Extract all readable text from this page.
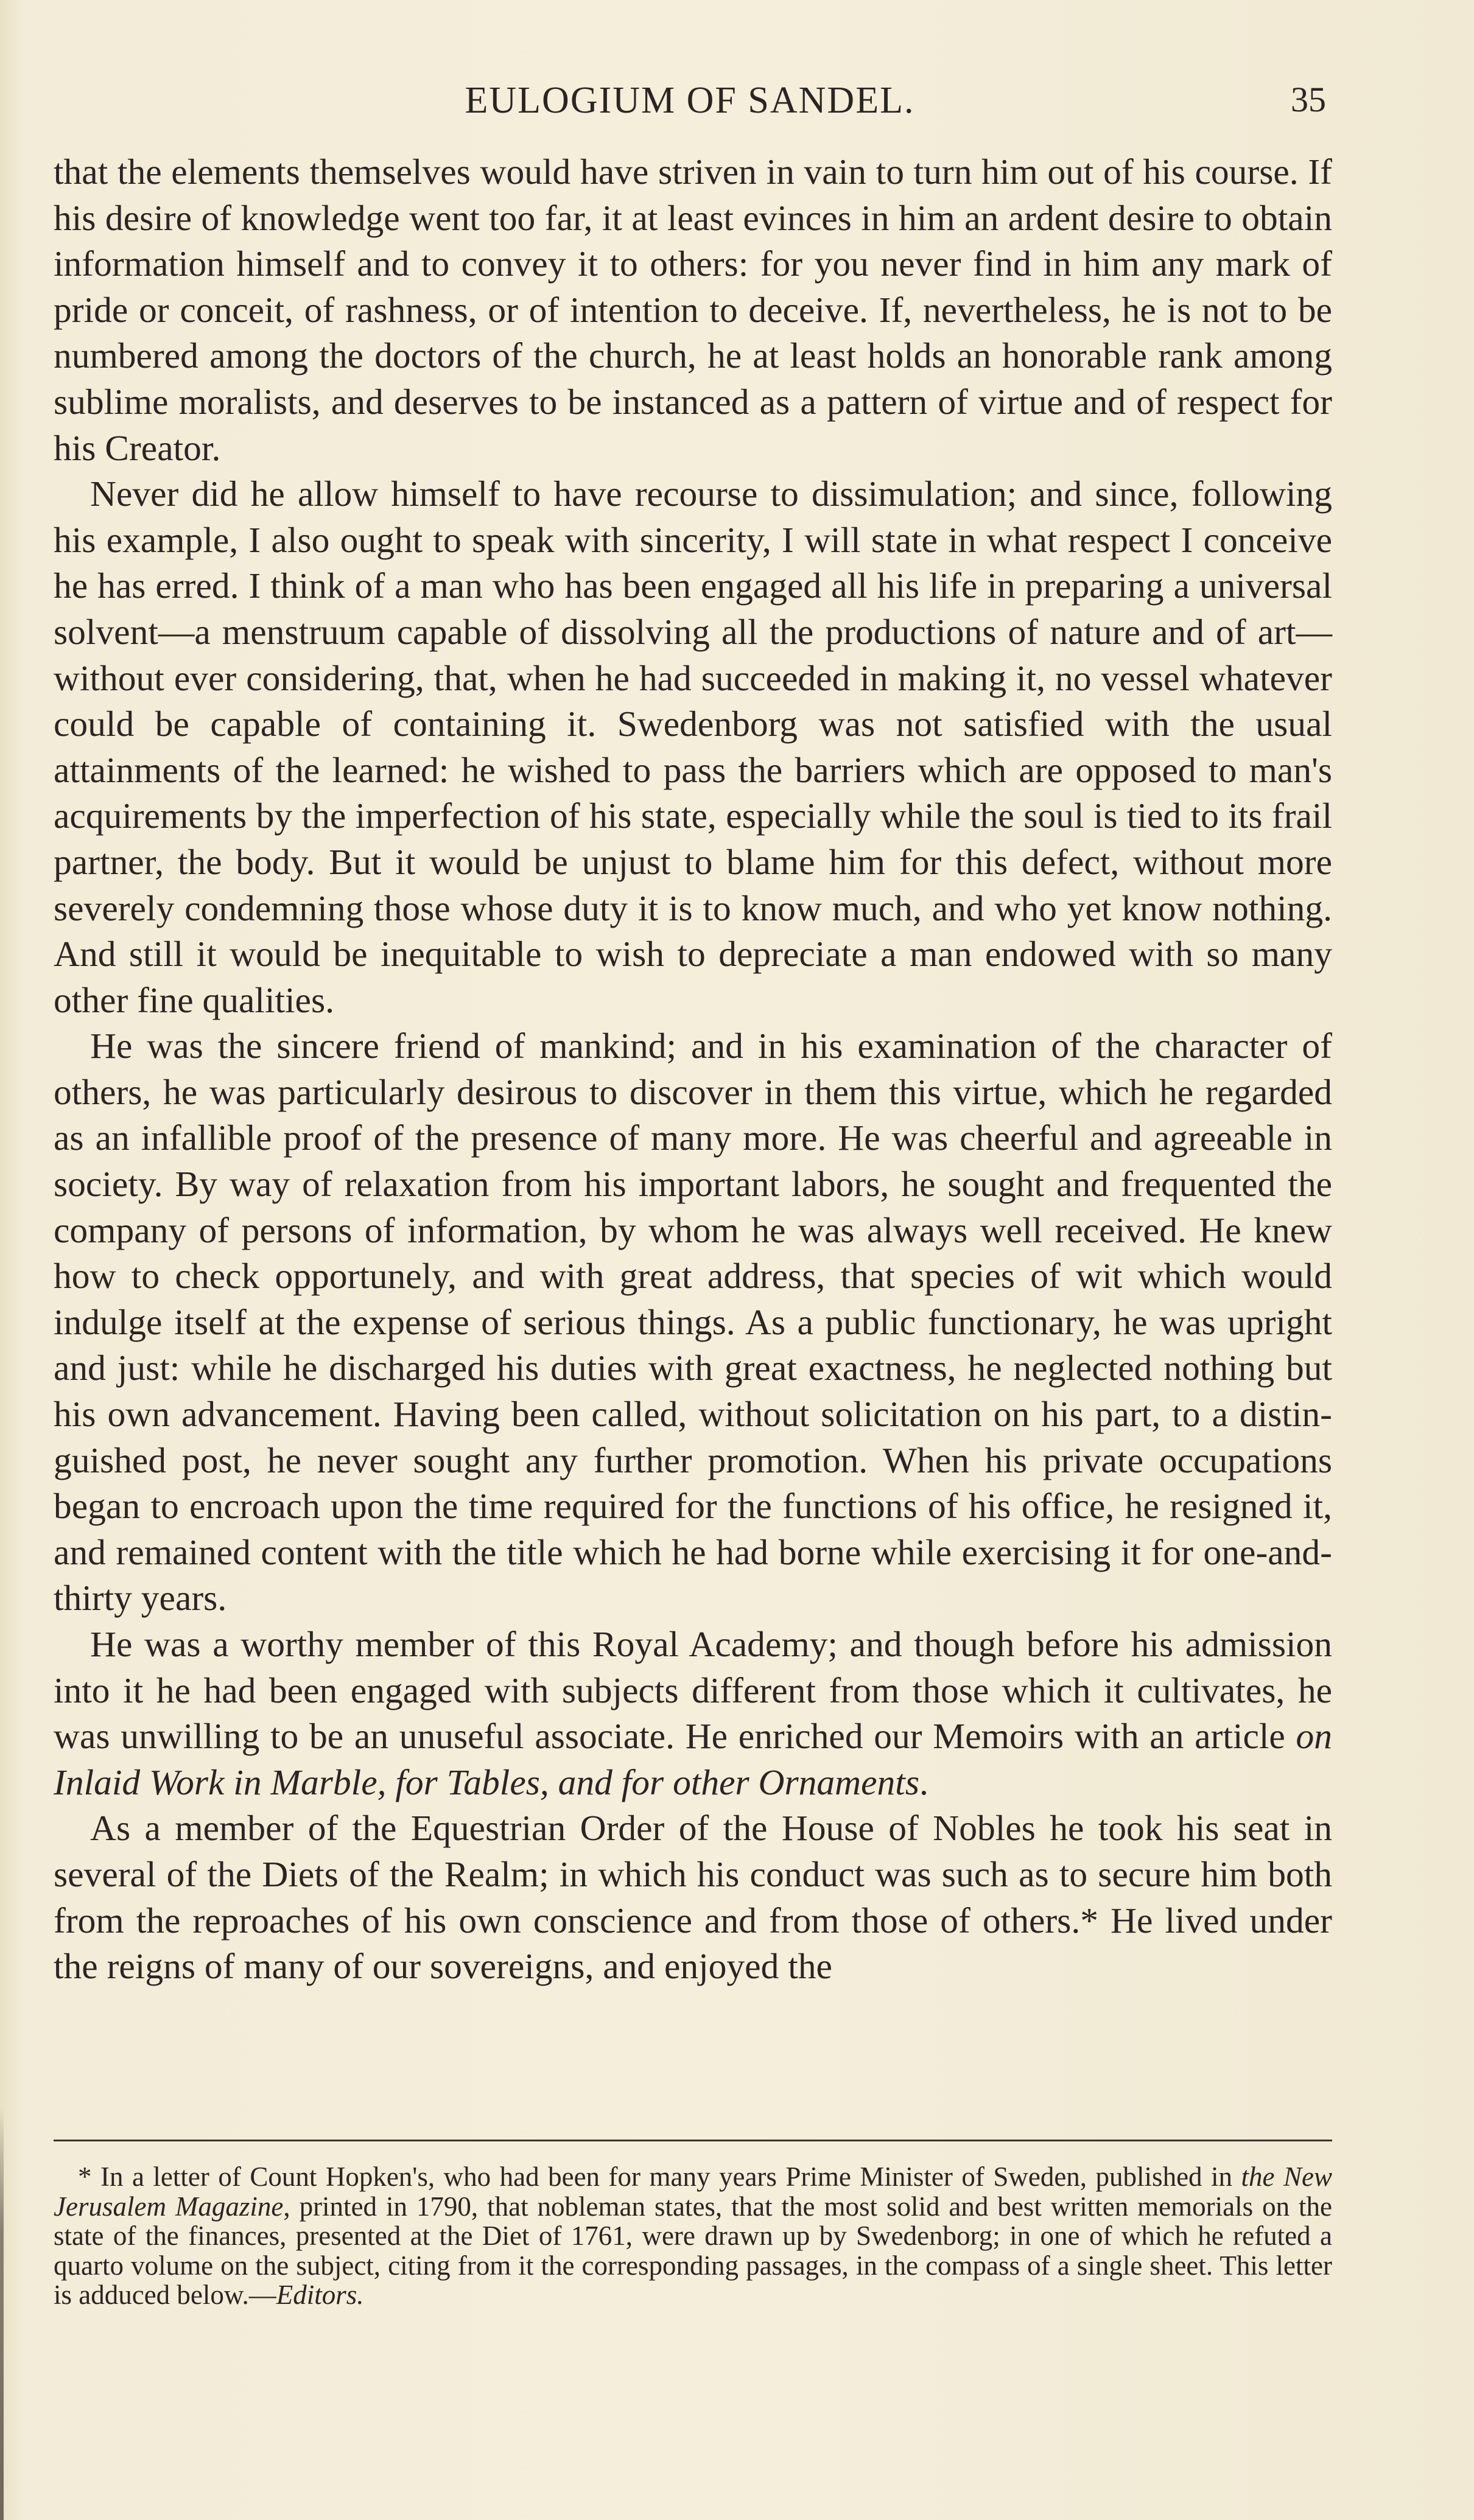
EULOGIUM OF SANDEL.	35

that the elements themselves would have striven in vain to turn him out of his course. If his desire of knowledge went too far, it at least evinces in him an ardent desire to obtain information himself and to convey it to others: for you never find in him any mark of pride or conceit, of rashness, or of intention to deceive. If, nevertheless, he is not to be numbered among the doctors of the church, he at least holds an honorable rank among sublime moralists, and deserves to be instanced as a pattern of virtue and of respect for his Creator.

Never did he allow himself to have recourse to dissimulation; and since, following his example, I also ought to speak with sincerity, I will state in what respect I conceive he has erred. I think of a man who has been engaged all his life in preparing a universal solvent—a menstruum capable of dissolving all the productions of nature and of art—without ever considering, that, when he had succeeded in making it, no vessel whatever could be capable of containing it. Swedenborg was not satisfied with the usual attainments of the learned: he wished to pass the barriers which are opposed to man's acquirements by the imperfection of his state, especially while the soul is tied to its frail partner, the body. But it would be unjust to blame him for this defect, without more severely condemning those whose duty it is to know much, and who yet know nothing. And still it would be inequitable to wish to depreciate a man endowed with so many other fine qualities.

He was the sincere friend of mankind; and in his examination of the character of others, he was particularly desirous to discover in them this virtue, which he regarded as an infallible proof of the presence of many more. He was cheerful and agreeable in society. By way of relaxation from his important labors, he sought and frequented the company of persons of information, by whom he was always well received. He knew how to check opportunely, and with great address, that species of wit which would indulge itself at the expense of serious things. As a public functionary, he was upright and just: while he discharged his duties with great exactness, he neglected nothing but his own advancement. Having been called, without solicitation on his part, to a distinguished post, he never sought any further promotion. When his private occupations began to encroach upon the time required for the functions of his office, he resigned it, and remained content with the title which he had borne while exercising it for one-and-thirty years.

He was a worthy member of this Royal Academy; and though before his admission into it he had been engaged with subjects different from those which it cultivates, he was unwilling to be an unuseful associate. He enriched our Memoirs with an article on Inlaid Work in Marble, for Tables, and for other Ornaments.

As a member of the Equestrian Order of the House of Nobles he took his seat in several of the Diets of the Realm; in which his conduct was such as to secure him both from the reproaches of his own conscience and from those of others.* He lived under the reigns of many of our sovereigns, and enjoyed the

* In a letter of Count Hopken's, who had been for many years Prime Minister of Sweden, published in the New Jerusalem Magazine, printed in 1790, that nobleman states, that the most solid and best written memorials on the state of the finances, presented at the Diet of 1761, were drawn up by Swedenborg; in one of which he refuted a quarto volume on the subject, citing from it the corresponding passages, in the compass of a single sheet. This letter is adduced below.—Editors.
